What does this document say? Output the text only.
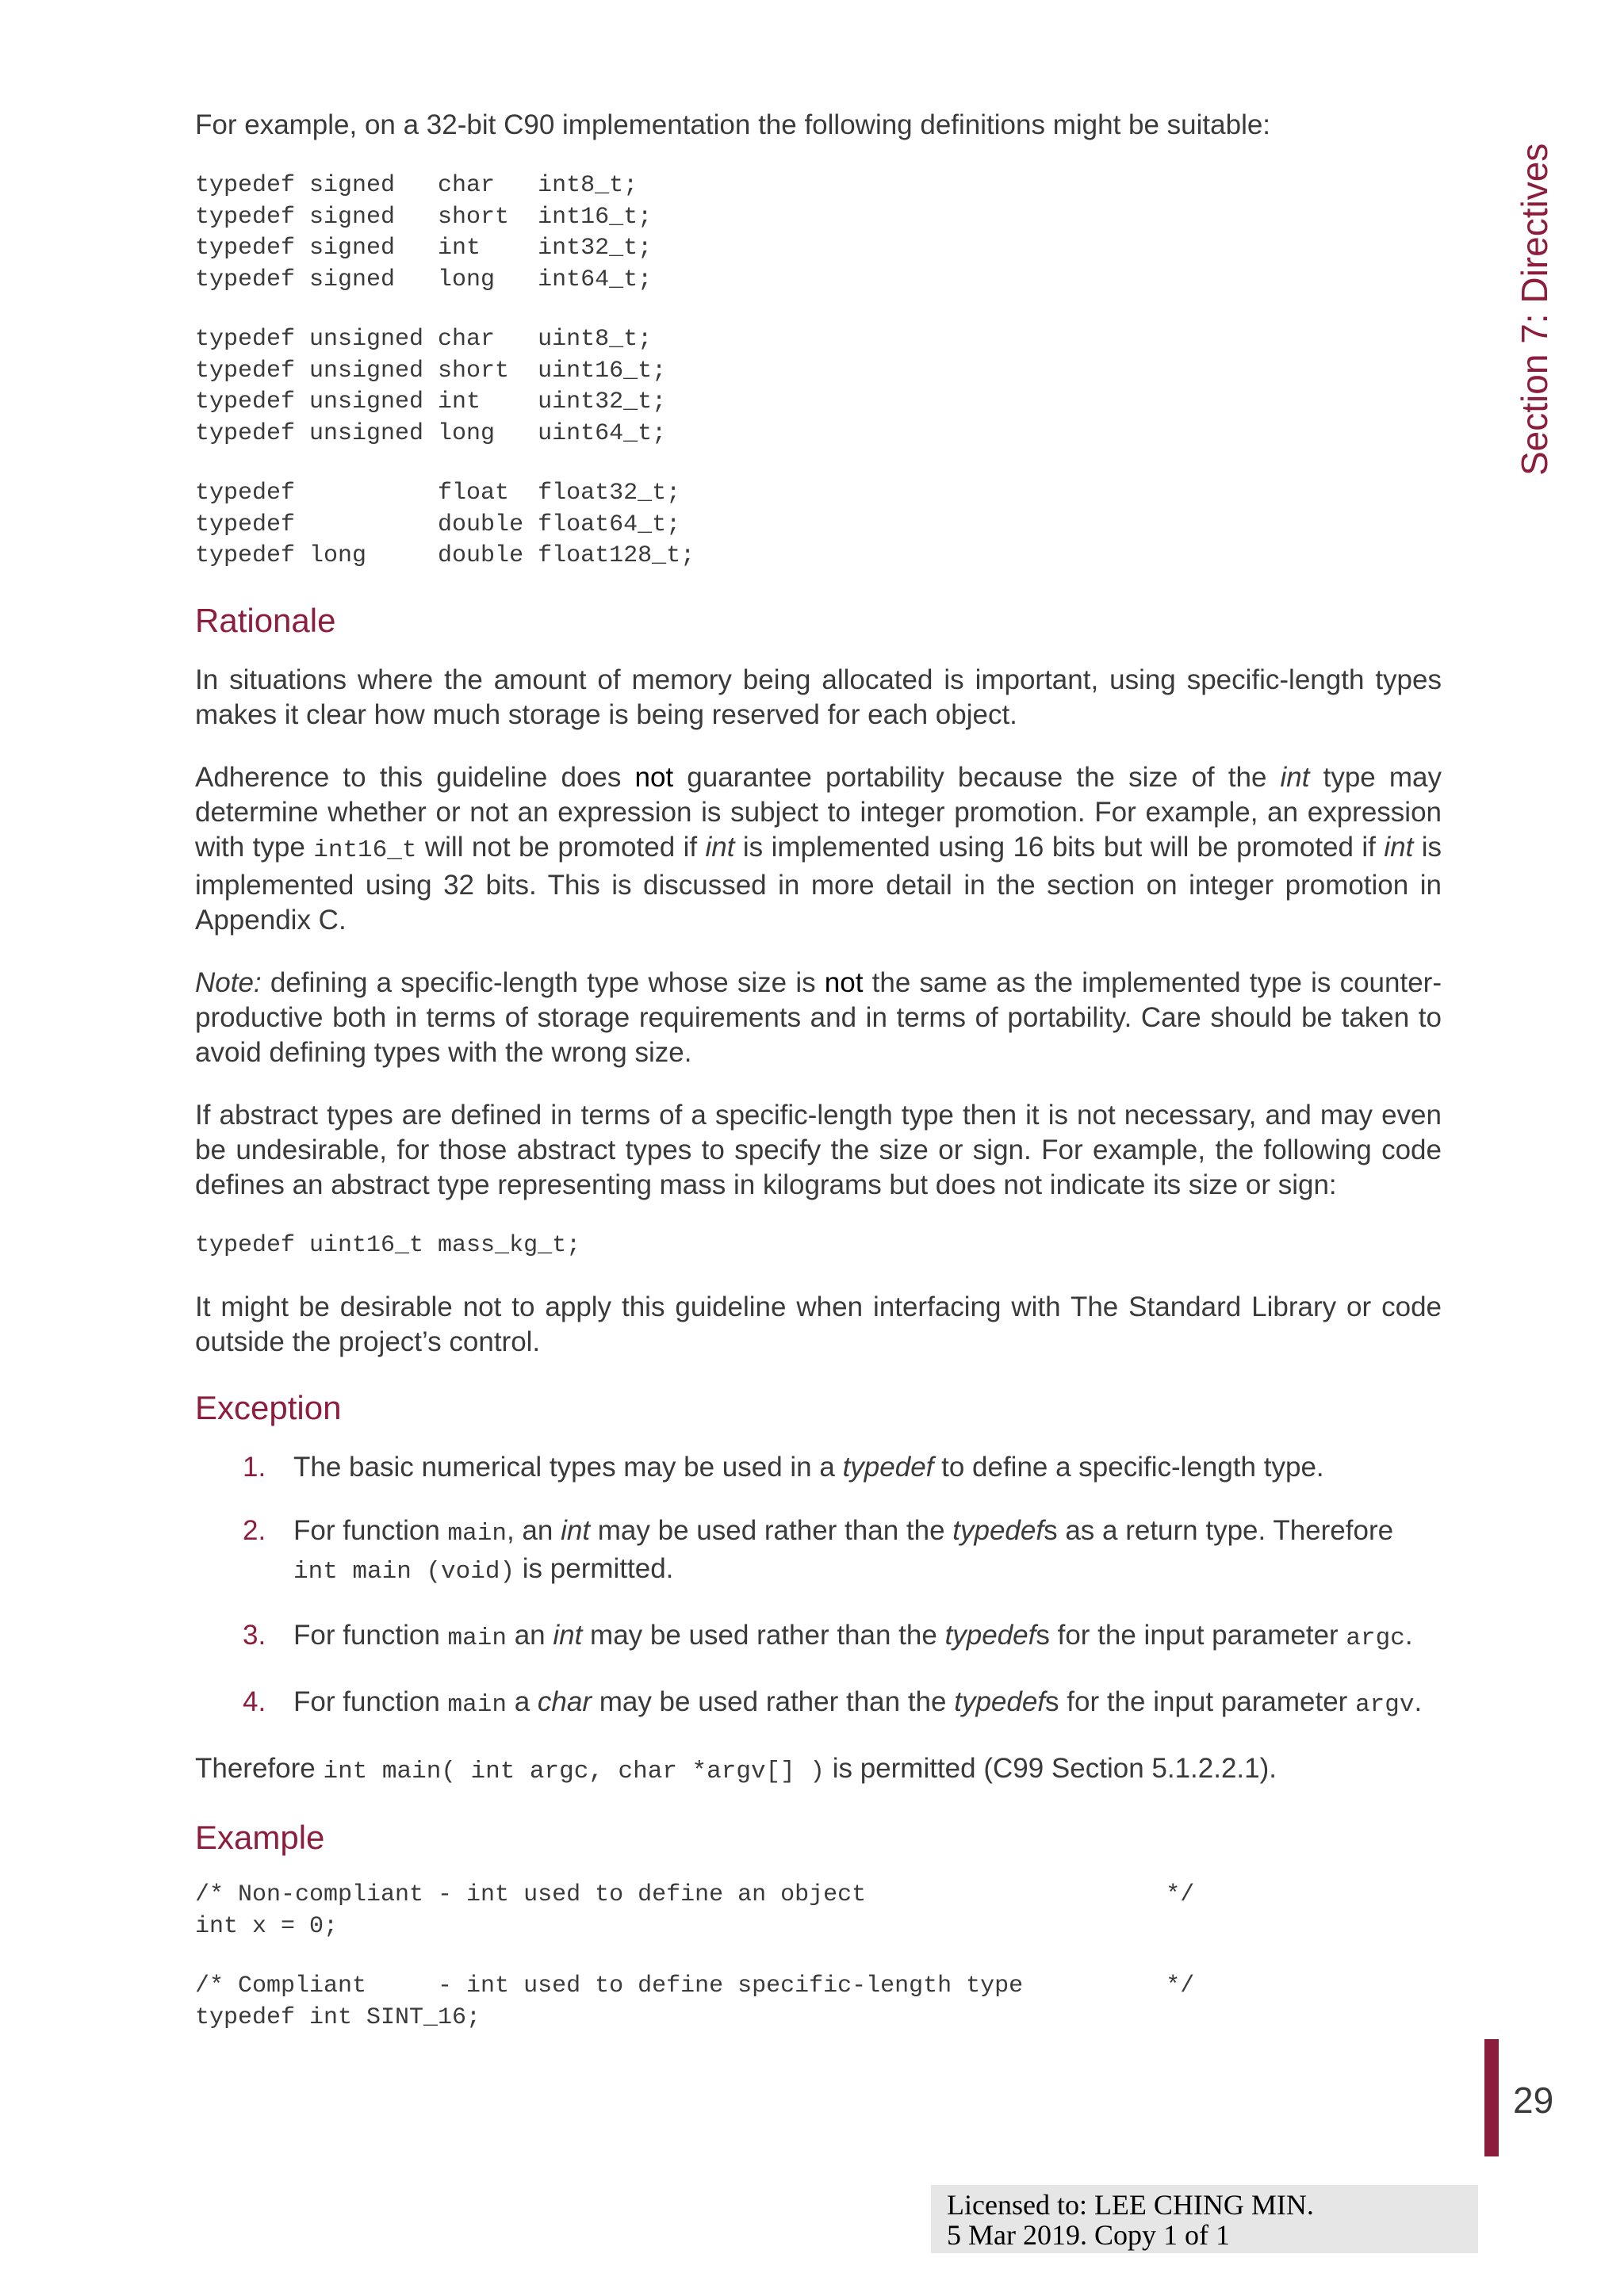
Section 7: Directives

For example, on a 32-bit C90 implementation the following definitions might be suitable:

typedef signed   char   int8_t;
typedef signed   short  int16_t;
typedef signed   int    int32_t;
typedef signed   long   int64_t;
typedef unsigned char   uint8_t;
typedef unsigned short  uint16_t;
typedef unsigned int    uint32_t;
typedef unsigned long   uint64_t;
typedef          float  float32_t;
typedef          double float64_t;
typedef long     double float128_t;
Rationale

In situations where the amount of memory being allocated is important, using specific-length types makes it clear how much storage is being reserved for each object.

Adherence to this guideline does not guarantee portability because the size of the int type may determine whether or not an expression is subject to integer promotion. For example, an expression with type int16_t will not be promoted if int is implemented using 16 bits but will be promoted if int is implemented using 32 bits. This is discussed in more detail in the section on integer promotion in Appendix C.

Note: defining a specific-length type whose size is not the same as the implemented type is counter-productive both in terms of storage requirements and in terms of portability. Care should be taken to avoid defining types with the wrong size.

If abstract types are defined in terms of a specific-length type then it is not necessary, and may even be undesirable, for those abstract types to specify the size or sign. For example, the following code defines an abstract type representing mass in kilograms but does not indicate its size or sign:

typedef uint16_t mass_kg_t;

It might be desirable not to apply this guideline when interfacing with The Standard Library or code outside the project’s control.

Exception
1. The basic numerical types may be used in a typedef to define a specific-length type.
2. For function main, an int may be used rather than the typedefs as a return type. Therefore int main (void) is permitted.
3. For function main an int may be used rather than the typedefs for the input parameter argc.
4. For function main a char may be used rather than the typedefs for the input parameter argv.

Therefore int main( int argc, char *argv[] ) is permitted (C99 Section 5.1.2.2.1).

Example
/* Non-compliant - int used to define an object                     */
int x = 0;
/* Compliant     - int used to define specific-length type          */
typedef int SINT_16;
29
Licensed to: LEE CHING MIN.
5 Mar 2019. Copy 1 of 1
